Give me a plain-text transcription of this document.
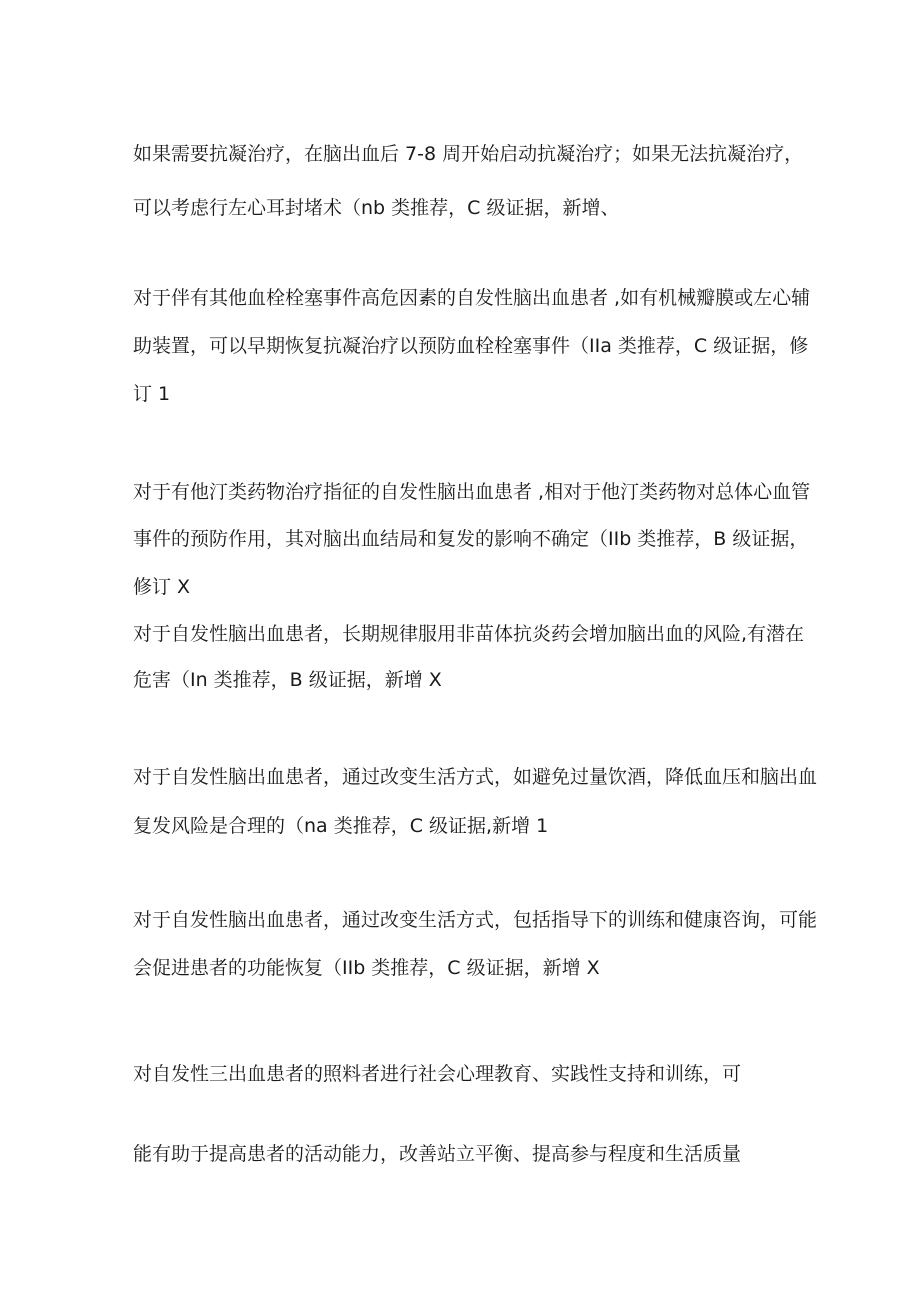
如果需要抗凝治疗，在脑出血后 7-8 周开始启动抗凝治疗；如果无法抗凝治疗，
可以考虑行左心耳封堵术（nb 类推荐，C 级证据，新增、
对于伴有其他血栓栓塞事件高危因素的自发性脑出血患者 ,如有机械瓣膜或左心辅
助装置，可以早期恢复抗凝治疗以预防血栓栓塞事件（IIa 类推荐，C 级证据，修
订 1
对于有他汀类药物治疗指征的自发性脑出血患者 ,相对于他汀类药物对总体心血管
事件的预防作用，其对脑出血结局和复发的影响不确定（IIb 类推荐，B 级证据，
修订 X
对于自发性脑出血患者，长期规律服用非苗体抗炎药会增加脑出血的风险,有潜在
危害（In 类推荐，B 级证据，新增 X
对于自发性脑出血患者，通过改变生活方式，如避免过量饮酒，降低血压和脑出血
复发风险是合理的（na 类推荐，C 级证据,新增 1
对于自发性脑出血患者，通过改变生活方式，包括指导下的训练和健康咨询，可能
会促进患者的功能恢复（IIb 类推荐，C 级证据，新增 X
对自发性三出血患者的照料者进行社会心理教育、实践性支持和训练，可
能有助于提高患者的活动能力，改善站立平衡、提高参与程度和生活质量
